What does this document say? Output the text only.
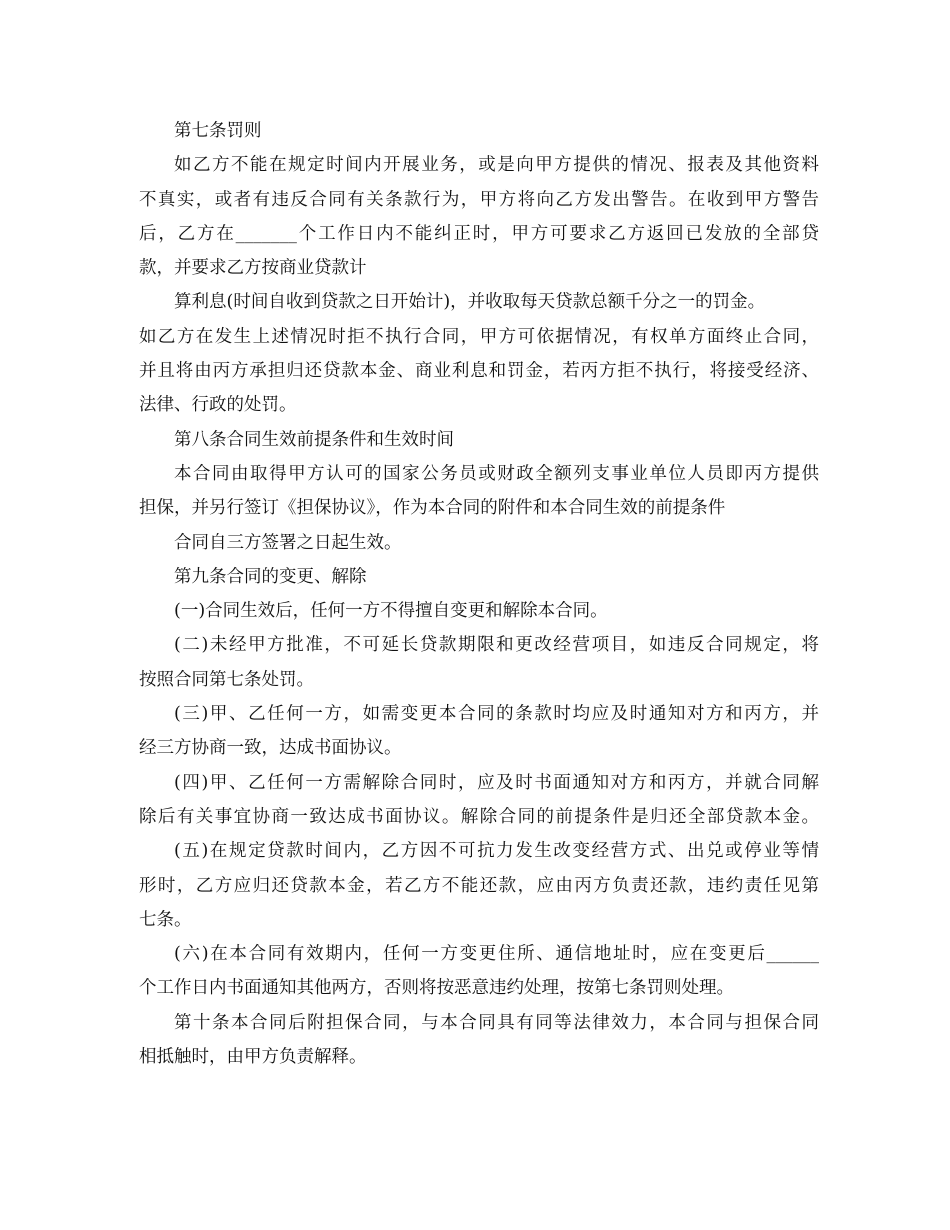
第七条罚则
如乙方不能在规定时间内开展业务，或是向甲方提供的情况、报表及其他资料
不真实，或者有违反合同有关条款行为，甲方将向乙方发出警告。在收到甲方警告
后，乙方在_______个工作日内不能纠正时，甲方可要求乙方返回已发放的全部贷
款，并要求乙方按商业贷款计
算利息(时间自收到贷款之日开始计)，并收取每天贷款总额千分之一的罚金。
如乙方在发生上述情况时拒不执行合同，甲方可依据情况，有权单方面终止合同，
并且将由丙方承担归还贷款本金、商业利息和罚金，若丙方拒不执行，将接受经济、
法律、行政的处罚。
第八条合同生效前提条件和生效时间
本合同由取得甲方认可的国家公务员或财政全额列支事业单位人员即丙方提供
担保，并另行签订《担保协议》，作为本合同的附件和本合同生效的前提条件
合同自三方签署之日起生效。
第九条合同的变更、解除
(一)合同生效后，任何一方不得擅自变更和解除本合同。
(二)未经甲方批准，不可延长贷款期限和更改经营项目，如违反合同规定，将
按照合同第七条处罚。
(三)甲、乙任何一方，如需变更本合同的条款时均应及时通知对方和丙方，并
经三方协商一致，达成书面协议。
(四)甲、乙任何一方需解除合同时，应及时书面通知对方和丙方，并就合同解
除后有关事宜协商一致达成书面协议。解除合同的前提条件是归还全部贷款本金。
(五)在规定贷款时间内，乙方因不可抗力发生改变经营方式、出兑或停业等情
形时，乙方应归还贷款本金，若乙方不能还款，应由丙方负责还款，违约责任见第
七条。
(六)在本合同有效期内，任何一方变更住所、通信地址时，应在变更后______
个工作日内书面通知其他两方，否则将按恶意违约处理，按第七条罚则处理。
第十条本合同后附担保合同，与本合同具有同等法律效力，本合同与担保合同
相抵触时，由甲方负责解释。
